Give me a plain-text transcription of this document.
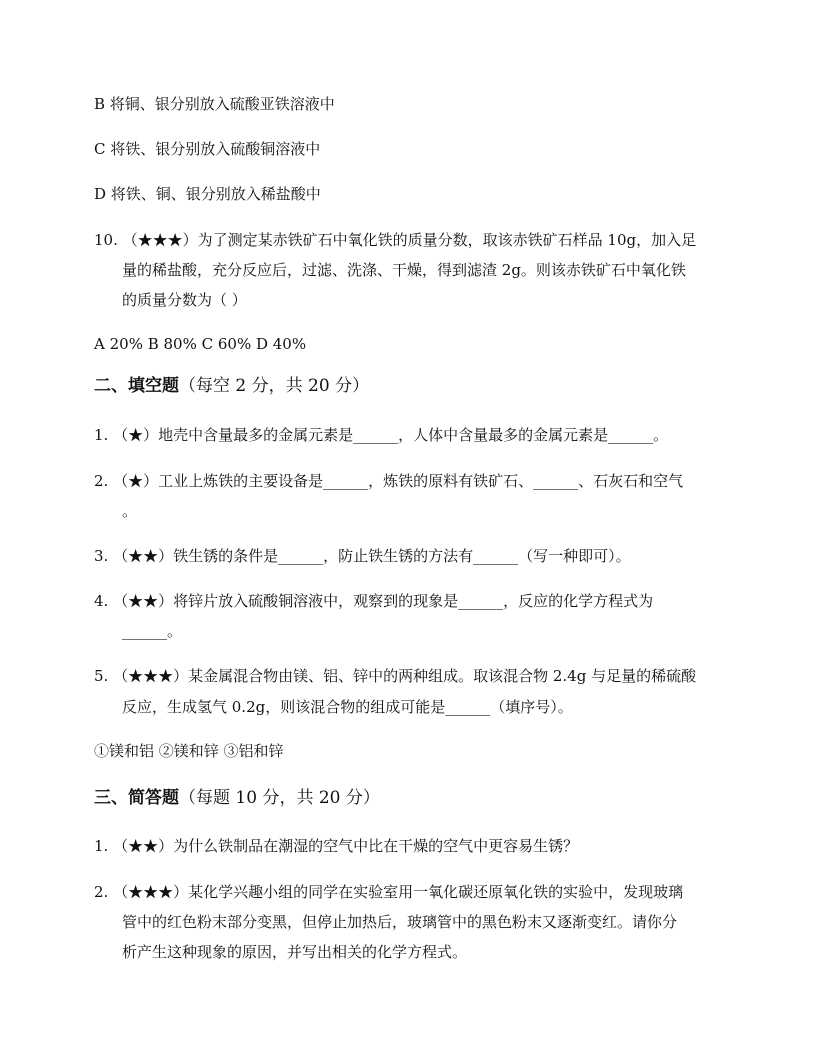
B 将铜、银分别放入硫酸亚铁溶液中
C 将铁、银分别放入硫酸铜溶液中
D 将铁、铜、银分别放入稀盐酸中
10. （★★★）为了测定某赤铁矿石中氧化铁的质量分数，取该赤铁矿石样品 10g，加入足
量的稀盐酸，充分反应后，过滤、洗涤、干燥，得到滤渣 2g。则该赤铁矿石中氧化铁
的质量分数为（ ）
A 20% B 80% C 60% D 40%
二、填空题（每空 2 分，共 20 分）
1. （★）地壳中含量最多的金属元素是______，人体中含量最多的金属元素是______。
2. （★）工业上炼铁的主要设备是______，炼铁的原料有铁矿石、______、石灰石和空气
。
3. （★★）铁生锈的条件是______，防止铁生锈的方法有______（写一种即可）。
4. （★★）将锌片放入硫酸铜溶液中，观察到的现象是______，反应的化学方程式为
______。
5. （★★★）某金属混合物由镁、铝、锌中的两种组成。取该混合物 2.4g 与足量的稀硫酸
反应，生成氢气 0.2g，则该混合物的组成可能是______（填序号）。
①镁和铝 ②镁和锌 ③铝和锌
三、简答题（每题 10 分，共 20 分）
1. （★★）为什么铁制品在潮湿的空气中比在干燥的空气中更容易生锈？
2. （★★★）某化学兴趣小组的同学在实验室用一氧化碳还原氧化铁的实验中，发现玻璃
管中的红色粉末部分变黑，但停止加热后，玻璃管中的黑色粉末又逐渐变红。请你分
析产生这种现象的原因，并写出相关的化学方程式。
